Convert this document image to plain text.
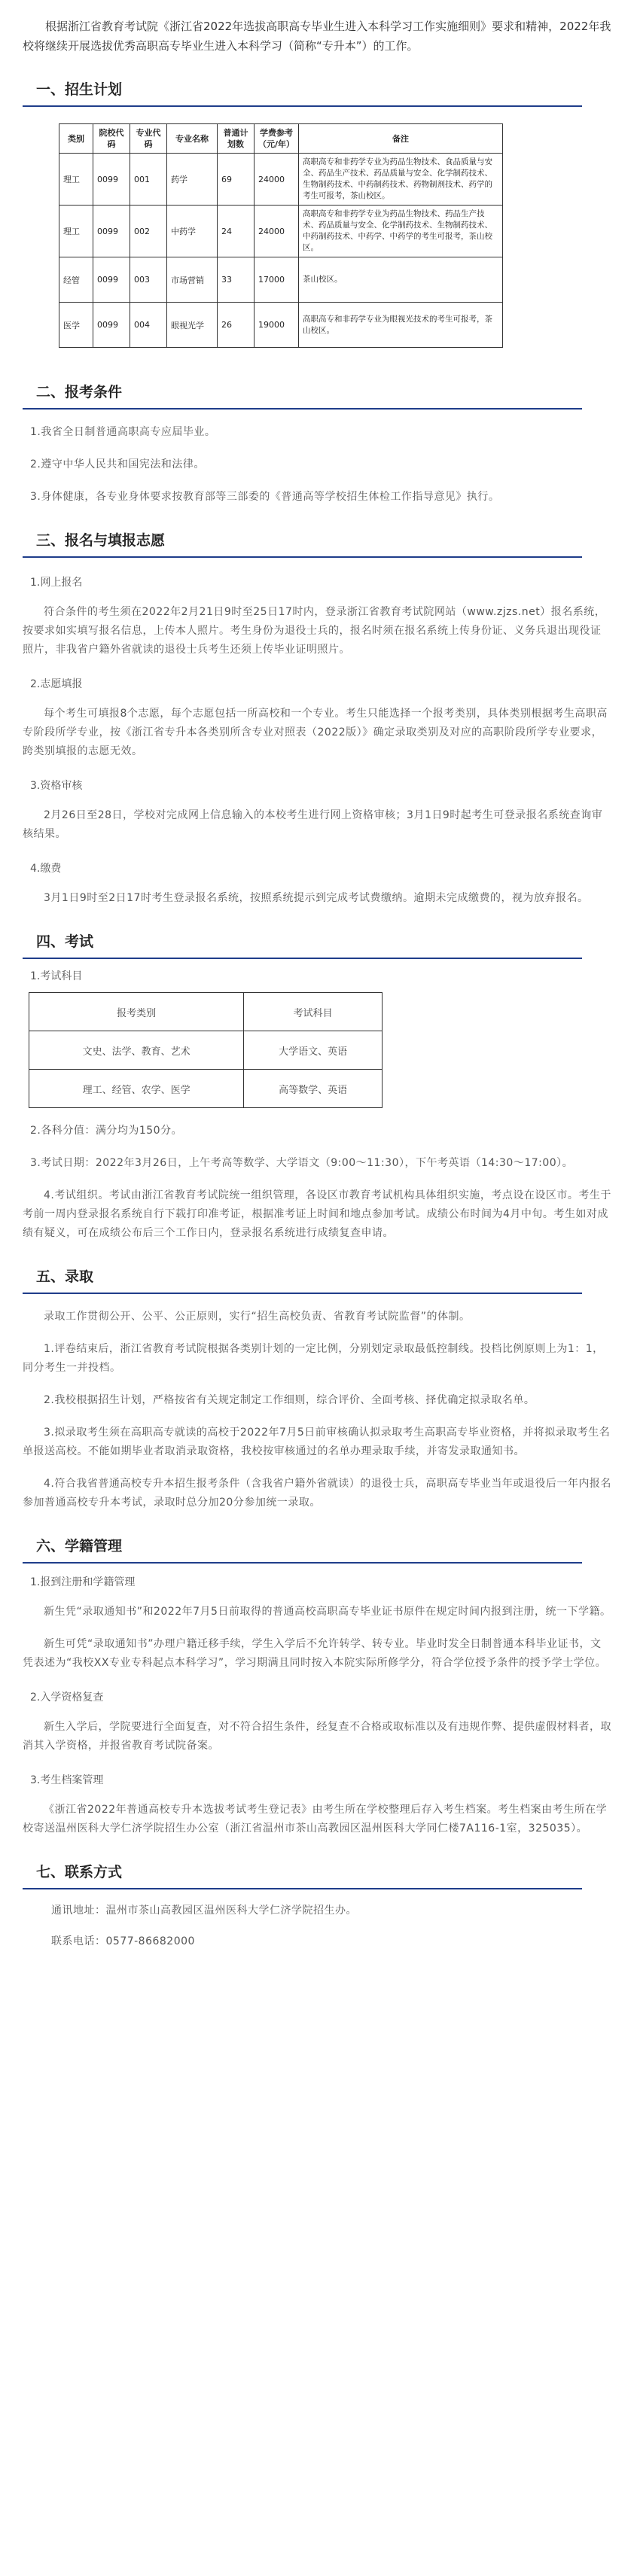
根据浙江省教育考试院《浙江省2022年选拔高职高专毕业生进入本科学习工作实施细则》要求和精神，2022年我校将继续开展选拔优秀高职高专毕业生进入本科学习（简称“专升本”）的工作。

一、招生计划
类别	院校代码	专业代码	专业名称	普通计划数	学费参考（元/年）	备注
理工	0099	001	药学	69	24000	高职高专和非药学专业为药品生物技术、食品质量与安全、药品生产技术、药品质量与安全、化学制药技术、生物制药技术、中药制药技术、药物制剂技术、药学的考生可报考，茶山校区。
理工	0099	002	中药学	24	24000	高职高专和非药学专业为药品生物技术、药品生产技术、药品质量与安全、化学制药技术、生物制药技术、中药制药技术、中药学、中药学的考生可报考，茶山校区。
经管	0099	003	市场营销	33	17000	茶山校区。
医学	0099	004	眼视光学	26	19000	高职高专和非药学专业为眼视光技术的考生可报考，茶山校区。
二、报考条件

1.我省全日制普通高职高专应届毕业。

2.遵守中华人民共和国宪法和法律。

3.身体健康，各专业身体要求按教育部等三部委的《普通高等学校招生体检工作指导意见》执行。

三、报名与填报志愿

1.网上报名

符合条件的考生须在2022年2月21日9时至25日17时内，登录浙江省教育考试院网站（www.zjzs.net）报名系统，按要求如实填写报名信息，上传本人照片。考生身份为退役士兵的，报名时须在报名系统上传身份证、义务兵退出现役证照片，非我省户籍外省就读的退役士兵考生还须上传毕业证明照片。

2.志愿填报

每个考生可填报8个志愿，每个志愿包括一所高校和一个专业。考生只能选择一个报考类别，具体类别根据考生高职高专阶段所学专业，按《浙江省专升本各类别所含专业对照表（2022版）》确定录取类别及对应的高职阶段所学专业要求，跨类别填报的志愿无效。

3.资格审核

2月26日至28日，学校对完成网上信息输入的本校考生进行网上资格审核；3月1日9时起考生可登录报名系统查询审核结果。

4.缴费

3月1日9时至2日17时考生登录报名系统，按照系统提示到完成考试费缴纳。逾期未完成缴费的，视为放弃报名。

四、考试

1.考试科目

报考类别	考试科目
文史、法学、教育、艺术	大学语文、英语
理工、经管、农学、医学	高等数学、英语

2.各科分值：满分均为150分。

3.考试日期：2022年3月26日，上午考高等数学、大学语文（9:00～11:30），下午考英语（14:30～17:00）。

4.考试组织。考试由浙江省教育考试院统一组织管理，各设区市教育考试机构具体组织实施，考点设在设区市。考生于考前一周内登录报名系统自行下载打印准考证，根据准考证上时间和地点参加考试。成绩公布时间为4月中旬。考生如对成绩有疑义，可在成绩公布后三个工作日内，登录报名系统进行成绩复查申请。

五、录取

录取工作贯彻公开、公平、公正原则，实行“招生高校负责、省教育考试院监督”的体制。

1.评卷结束后，浙江省教育考试院根据各类别计划的一定比例，分别划定录取最低控制线。投档比例原则上为1：1，同分考生一并投档。

2.我校根据招生计划，严格按省有关规定制定工作细则，综合评价、全面考核、择优确定拟录取名单。

3.拟录取考生须在高职高专就读的高校于2022年7月5日前审核确认拟录取考生高职高专毕业资格，并将拟录取考生名单报送高校。不能如期毕业者取消录取资格，我校按审核通过的名单办理录取手续，并寄发录取通知书。

4.符合我省普通高校专升本招生报考条件（含我省户籍外省就读）的退役士兵，高职高专毕业当年或退役后一年内报名参加普通高校专升本考试，录取时总分加20分参加统一录取。

六、学籍管理

1.报到注册和学籍管理

新生凭“录取通知书”和2022年7月5日前取得的普通高校高职高专毕业证书原件在规定时间内报到注册，统一下学籍。

新生可凭“录取通知书”办理户籍迁移手续，学生入学后不允许转学、转专业。毕业时发全日制普通本科毕业证书，文凭表述为“我校XX专业专科起点本科学习”，学习期满且同时按入本院实际所修学分，符合学位授予条件的授予学士学位。

2.入学资格复查

新生入学后，学院要进行全面复查，对不符合招生条件，经复查不合格或取标准以及有违规作弊、提供虚假材料者，取消其入学资格，并报省教育考试院备案。

3.考生档案管理

《浙江省2022年普通高校专升本选拔考试考生登记表》由考生所在学校整理后存入考生档案。考生档案由考生所在学校寄送温州医科大学仁济学院招生办公室（浙江省温州市茶山高教园区温州医科大学同仁楼7A116-1室，325035）。

七、联系方式

通讯地址：温州市茶山高教园区温州医科大学仁济学院招生办。

联系电话：0577-86682000
